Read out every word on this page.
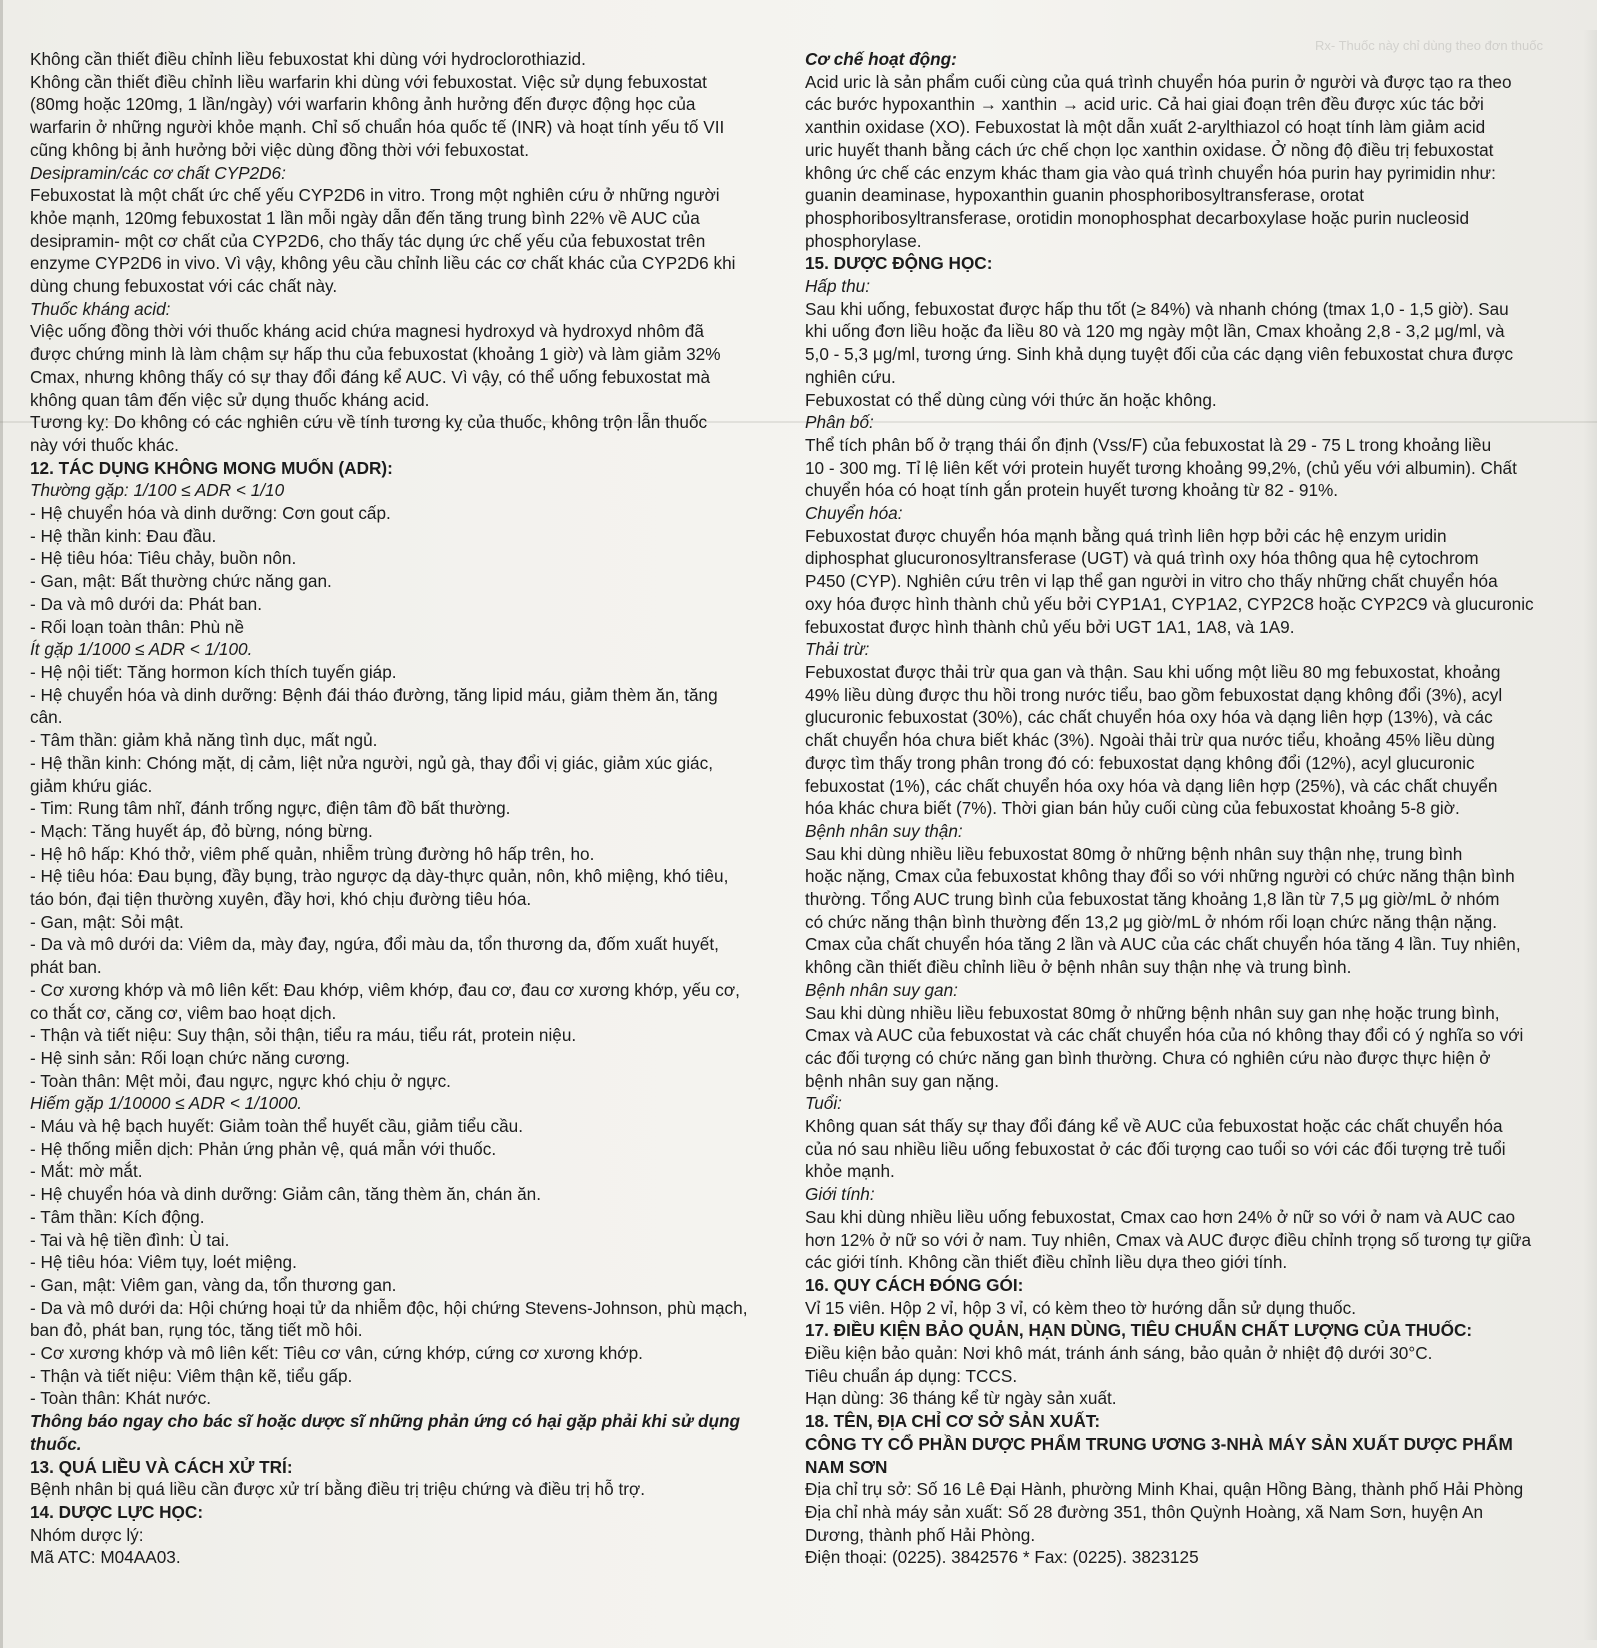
Rx- Thuốc này chỉ dùng theo đơn thuốc
Không cần thiết điều chỉnh liều febuxostat khi dùng với hydroclorothiazid.
Không cần thiết điều chỉnh liều warfarin khi dùng với febuxostat. Việc sử dụng febuxostat
(80mg hoặc 120mg, 1 lần/ngày) với warfarin không ảnh hưởng đến được động học của
warfarin ở những người khỏe mạnh. Chỉ số chuẩn hóa quốc tế (INR) và hoạt tính yếu tố VII
cũng không bị ảnh hưởng bởi việc dùng đồng thời với febuxostat.
Desipramin/các cơ chất CYP2D6:
Febuxostat là một chất ức chế yếu CYP2D6 in vitro. Trong một nghiên cứu ở những người
khỏe mạnh, 120mg febuxostat 1 lần mỗi ngày dẫn đến tăng trung bình 22% về AUC của
desipramin- một cơ chất của CYP2D6, cho thấy tác dụng ức chế yếu của febuxostat trên
enzyme CYP2D6 in vivo. Vì vậy, không yêu cầu chỉnh liều các cơ chất khác của CYP2D6 khi
dùng chung febuxostat với các chất này.
Thuốc kháng acid:
Việc uống đồng thời với thuốc kháng acid chứa magnesi hydroxyd và hydroxyd nhôm đã
được chứng minh là làm chậm sự hấp thu của febuxostat (khoảng 1 giờ) và làm giảm 32%
Cmax, nhưng không thấy có sự thay đổi đáng kể AUC. Vì vậy, có thể uống febuxostat mà
không quan tâm đến việc sử dụng thuốc kháng acid.
Tương kỵ: Do không có các nghiên cứu về tính tương kỵ của thuốc, không trộn lẫn thuốc
này với thuốc khác.
12. TÁC DỤNG KHÔNG MONG MUỐN (ADR):
Thường gặp: 1/100 ≤ ADR < 1/10
- Hệ chuyển hóa và dinh dưỡng: Cơn gout cấp.
- Hệ thần kinh: Đau đầu.
- Hệ tiêu hóa: Tiêu chảy, buồn nôn.
- Gan, mật: Bất thường chức năng gan.
- Da và mô dưới da: Phát ban.
- Rối loạn toàn thân: Phù nề
Ít gặp 1/1000 ≤ ADR < 1/100.
- Hệ nội tiết: Tăng hormon kích thích tuyến giáp.
- Hệ chuyển hóa và dinh dưỡng: Bệnh đái tháo đường, tăng lipid máu, giảm thèm ăn, tăng
cân.
- Tâm thần: giảm khả năng tình dục, mất ngủ.
- Hệ thần kinh: Chóng mặt, dị cảm, liệt nửa người, ngủ gà, thay đổi vị giác, giảm xúc giác,
giảm khứu giác.
- Tim: Rung tâm nhĩ, đánh trống ngực, điện tâm đồ bất thường.
- Mạch: Tăng huyết áp, đỏ bừng, nóng bừng.
- Hệ hô hấp: Khó thở, viêm phế quản, nhiễm trùng đường hô hấp trên, ho.
- Hệ tiêu hóa: Đau bụng, đầy bụng, trào ngược dạ dày-thực quản, nôn, khô miệng, khó tiêu,
táo bón, đại tiện thường xuyên, đầy hơi, khó chịu đường tiêu hóa.
- Gan, mật: Sỏi mật.
- Da và mô dưới da: Viêm da, mày đay, ngứa, đổi màu da, tổn thương da, đốm xuất huyết,
phát ban.
- Cơ xương khớp và mô liên kết: Đau khớp, viêm khớp, đau cơ, đau cơ xương khớp, yếu cơ,
co thắt cơ, căng cơ, viêm bao hoạt dịch.
- Thận và tiết niệu: Suy thận, sỏi thận, tiểu ra máu, tiểu rát, protein niệu.
- Hệ sinh sản: Rối loạn chức năng cương.
- Toàn thân: Mệt mỏi, đau ngực, ngực khó chịu ở ngực.
Hiếm gặp 1/10000 ≤ ADR < 1/1000.
- Máu và hệ bạch huyết: Giảm toàn thể huyết cầu, giảm tiểu cầu.
- Hệ thống miễn dịch: Phản ứng phản vệ, quá mẫn với thuốc.
- Mắt: mờ mắt.
- Hệ chuyển hóa và dinh dưỡng: Giảm cân, tăng thèm ăn, chán ăn.
- Tâm thần: Kích động.
- Tai và hệ tiền đình: Ù tai.
- Hệ tiêu hóa: Viêm tụy, loét miệng.
- Gan, mật: Viêm gan, vàng da, tổn thương gan.
- Da và mô dưới da: Hội chứng hoại tử da nhiễm độc, hội chứng Stevens-Johnson, phù mạch,
ban đỏ, phát ban, rụng tóc, tăng tiết mồ hôi.
- Cơ xương khớp và mô liên kết: Tiêu cơ vân, cứng khớp, cứng cơ xương khớp.
- Thận và tiết niệu: Viêm thận kẽ, tiểu gấp.
- Toàn thân: Khát nước.
Thông báo ngay cho bác sĩ hoặc dược sĩ những phản ứng có hại gặp phải khi sử dụng
thuốc.
13. QUÁ LIỀU VÀ CÁCH XỬ TRÍ:
Bệnh nhân bị quá liều cần được xử trí bằng điều trị triệu chứng và điều trị hỗ trợ.
14. DƯỢC LỰC HỌC:
Nhóm dược lý:
Mã ATC: M04AA03.
Cơ chế hoạt động:
Acid uric là sản phẩm cuối cùng của quá trình chuyển hóa purin ở người và được tạo ra theo
các bước hypoxanthin → xanthin → acid uric. Cả hai giai đoạn trên đều được xúc tác bởi
xanthin oxidase (XO). Febuxostat là một dẫn xuất 2-arylthiazol có hoạt tính làm giảm acid
uric huyết thanh bằng cách ức chế chọn lọc xanthin oxidase. Ở nồng độ điều trị febuxostat
không ức chế các enzym khác tham gia vào quá trình chuyển hóa purin hay pyrimidin như:
guanin deaminase, hypoxanthin guanin phosphoribosyltransferase, orotat
phosphoribosyltransferase, orotidin monophosphat decarboxylase hoặc purin nucleosid
phosphorylase.
15. DƯỢC ĐỘNG HỌC:
Hấp thu:
Sau khi uống, febuxostat được hấp thu tốt (≥ 84%) và nhanh chóng (tmax 1,0 - 1,5 giờ). Sau
khi uống đơn liều hoặc đa liều 80 và 120 mg ngày một lần, Cmax khoảng 2,8 - 3,2 μg/ml, và
5,0 - 5,3 μg/ml, tương ứng. Sinh khả dụng tuyệt đối của các dạng viên febuxostat chưa được
nghiên cứu.
Febuxostat có thể dùng cùng với thức ăn hoặc không.
Phân bố:
Thể tích phân bố ở trạng thái ổn định (Vss/F) của febuxostat là 29 - 75 L trong khoảng liều
10 - 300 mg. Tỉ lệ liên kết với protein huyết tương khoảng 99,2%, (chủ yếu với albumin). Chất
chuyển hóa có hoạt tính gắn protein huyết tương khoảng từ 82 - 91%.
Chuyển hóa:
Febuxostat được chuyển hóa mạnh bằng quá trình liên hợp bởi các hệ enzym uridin
diphosphat glucuronosyltransferase (UGT) và quá trình oxy hóa thông qua hệ cytochrom
P450 (CYP). Nghiên cứu trên vi lạp thể gan người in vitro cho thấy những chất chuyển hóa
oxy hóa được hình thành chủ yếu bởi CYP1A1, CYP1A2, CYP2C8 hoặc CYP2C9 và glucuronic
febuxostat được hình thành chủ yếu bởi UGT 1A1, 1A8, và 1A9.
Thải trừ:
Febuxostat được thải trừ qua gan và thận. Sau khi uống một liều 80 mg febuxostat, khoảng
49% liều dùng được thu hồi trong nước tiểu, bao gồm febuxostat dạng không đổi (3%), acyl
glucuronic febuxostat (30%), các chất chuyển hóa oxy hóa và dạng liên hợp (13%), và các
chất chuyển hóa chưa biết khác (3%). Ngoài thải trừ qua nước tiểu, khoảng 45% liều dùng
được tìm thấy trong phân trong đó có: febuxostat dạng không đổi (12%), acyl glucuronic
febuxostat (1%), các chất chuyển hóa oxy hóa và dạng liên hợp (25%), và các chất chuyển
hóa khác chưa biết (7%). Thời gian bán hủy cuối cùng của febuxostat khoảng 5-8 giờ.
Bệnh nhân suy thận:
Sau khi dùng nhiều liều febuxostat 80mg ở những bệnh nhân suy thận nhẹ, trung bình
hoặc nặng, Cmax của febuxostat không thay đổi so với những người có chức năng thận bình
thường. Tổng AUC trung bình của febuxostat tăng khoảng 1,8 lần từ 7,5 μg giờ/mL ở nhóm
có chức năng thận bình thường đến 13,2 μg giờ/mL ở nhóm rối loạn chức năng thận nặng.
Cmax của chất chuyển hóa tăng 2 lần và AUC của các chất chuyển hóa tăng 4 lần. Tuy nhiên,
không cần thiết điều chỉnh liều ở bệnh nhân suy thận nhẹ và trung bình.
Bệnh nhân suy gan:
Sau khi dùng nhiều liều febuxostat 80mg ở những bệnh nhân suy gan nhẹ hoặc trung bình,
Cmax và AUC của febuxostat và các chất chuyển hóa của nó không thay đổi có ý nghĩa so với
các đối tượng có chức năng gan bình thường. Chưa có nghiên cứu nào được thực hiện ở
bệnh nhân suy gan nặng.
Tuổi:
Không quan sát thấy sự thay đổi đáng kể về AUC của febuxostat hoặc các chất chuyển hóa
của nó sau nhiều liều uống febuxostat ở các đối tượng cao tuổi so với các đối tượng trẻ tuổi
khỏe mạnh.
Giới tính:
Sau khi dùng nhiều liều uống febuxostat, Cmax cao hơn 24% ở nữ so với ở nam và AUC cao
hơn 12% ở nữ so với ở nam. Tuy nhiên, Cmax và AUC được điều chỉnh trọng số tương tự giữa
các giới tính. Không cần thiết điều chỉnh liều dựa theo giới tính.
16. QUY CÁCH ĐÓNG GÓI:
Vỉ 15 viên. Hộp 2 vỉ, hộp 3 vỉ, có kèm theo tờ hướng dẫn sử dụng thuốc.
17. ĐIỀU KIỆN BẢO QUẢN, HẠN DÙNG, TIÊU CHUẨN CHẤT LƯỢNG CỦA THUỐC:
Điều kiện bảo quản: Nơi khô mát, tránh ánh sáng, bảo quản ở nhiệt độ dưới 30°C.
Tiêu chuẩn áp dụng: TCCS.
Hạn dùng: 36 tháng kể từ ngày sản xuất.
18. TÊN, ĐỊA CHỈ CƠ SỞ SẢN XUẤT:
CÔNG TY CỔ PHẦN DƯỢC PHẨM TRUNG ƯƠNG 3-NHÀ MÁY SẢN XUẤT DƯỢC PHẨM
NAM SƠN
Địa chỉ trụ sở: Số 16 Lê Đại Hành, phường Minh Khai, quận Hồng Bàng, thành phố Hải Phòng
Địa chỉ nhà máy sản xuất: Số 28 đường 351, thôn Quỳnh Hoàng, xã Nam Sơn, huyện An
Dương, thành phố Hải Phòng.
Điện thoại: (0225). 3842576 * Fax: (0225). 3823125
